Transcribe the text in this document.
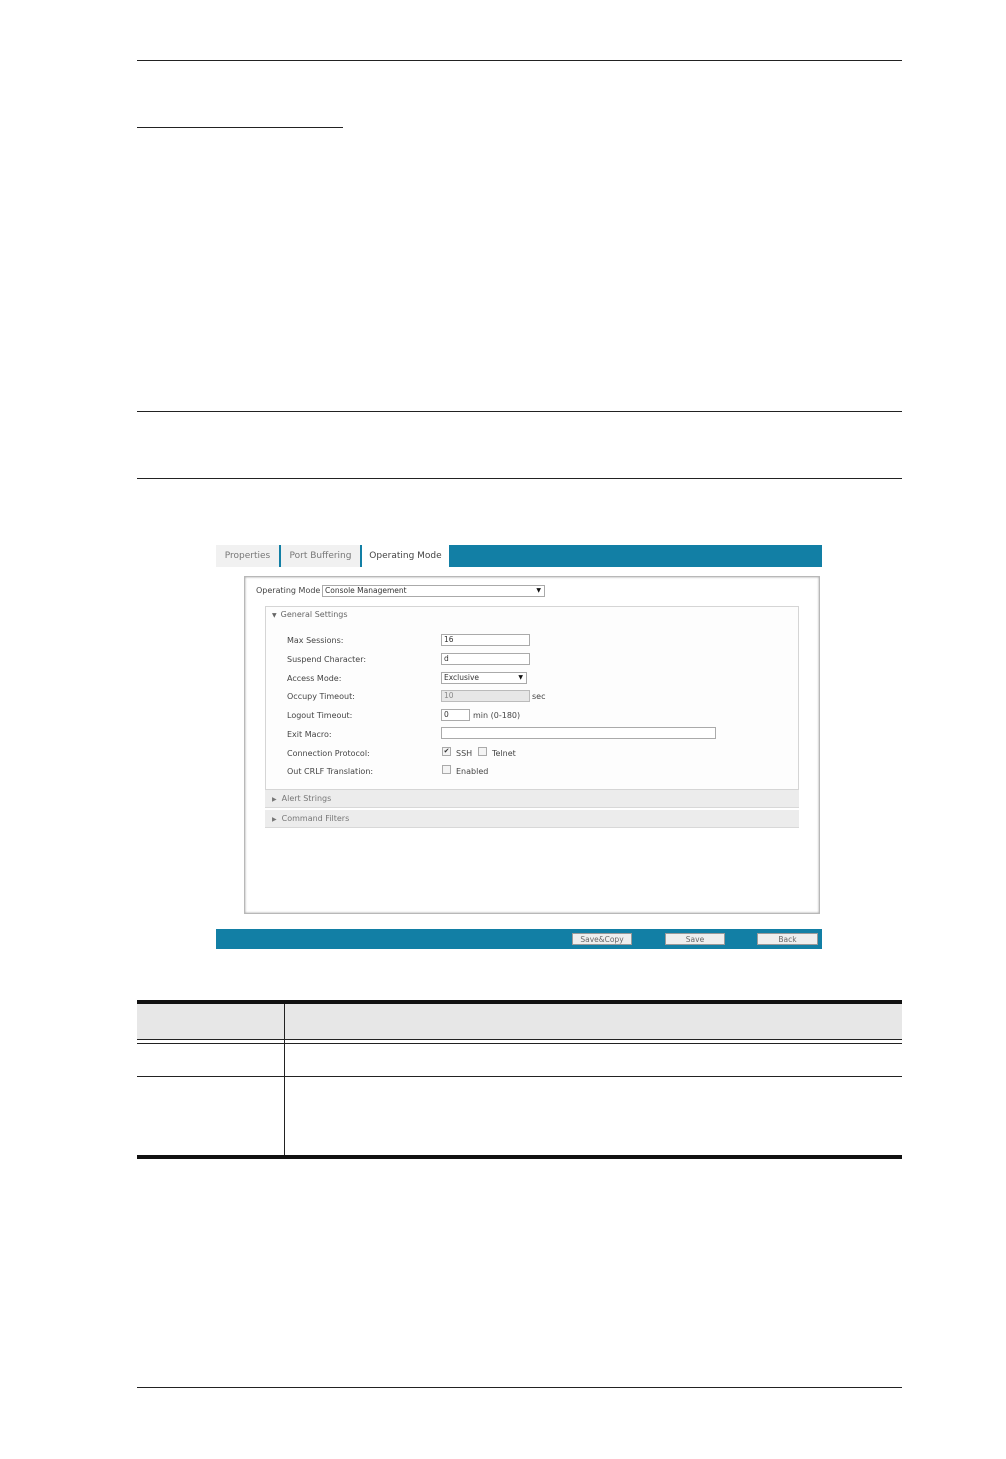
Properties	Port Buffering	Operating Mode
Operating Mode Console Management	▼
▼ General Settings
Max Sessions:	16
Suspend Character:	d
Access Mode:	Exclusive	▼
Occupy Timeout:	10	sec
Logout Timeout:	0	min (0-180)
Exit Macro:
Connection Protocol:	✔ SSH Telnet
Out CRLF Translation:	Enabled
▶ Alert Strings
▶ Command Filters
Save&Copy	Save	Back
